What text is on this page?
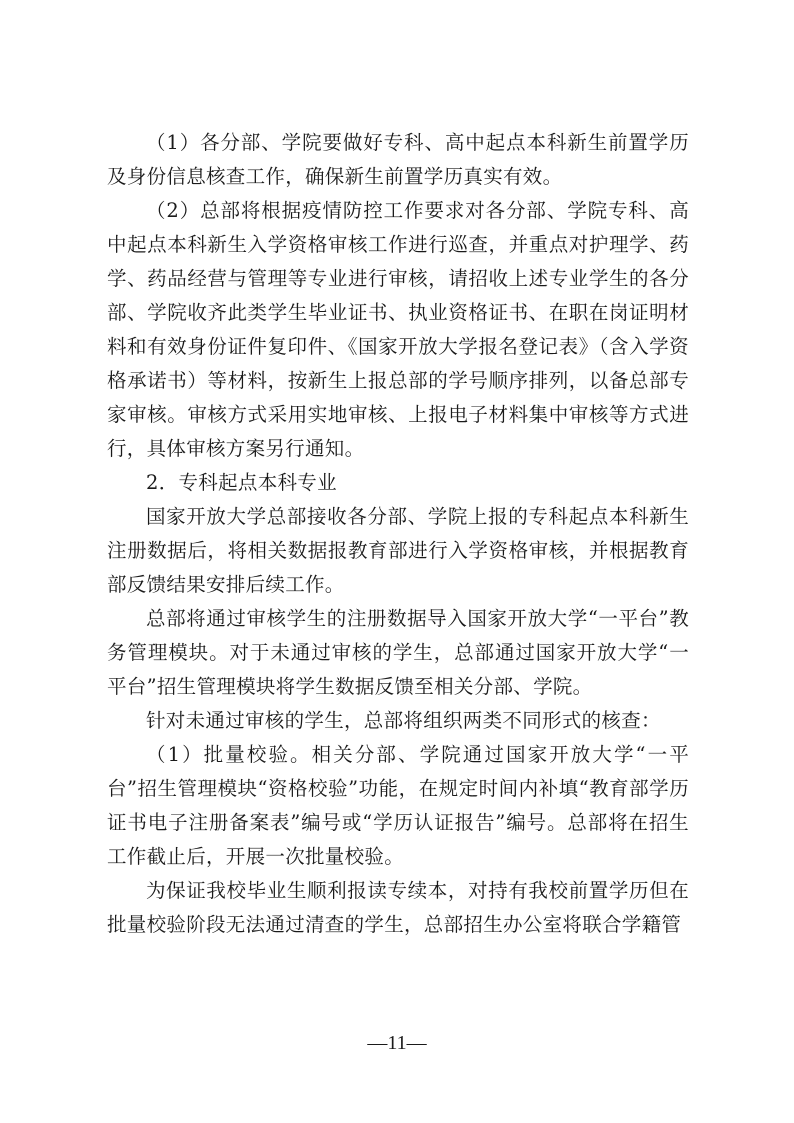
（1）各分部、学院要做好专科、高中起点本科新生前置学历及身份信息核查工作，确保新生前置学历真实有效。

（2）总部将根据疫情防控工作要求对各分部、学院专科、高中起点本科新生入学资格审核工作进行巡查，并重点对护理学、药学、药品经营与管理等专业进行审核，请招收上述专业学生的各分部、学院收齐此类学生毕业证书、执业资格证书、在职在岗证明材料和有效身份证件复印件、《国家开放大学报名登记表》（含入学资格承诺书）等材料，按新生上报总部的学号顺序排列，以备总部专家审核。审核方式采用实地审核、上报电子材料集中审核等方式进行，具体审核方案另行通知。

2．专科起点本科专业

国家开放大学总部接收各分部、学院上报的专科起点本科新生注册数据后，将相关数据报教育部进行入学资格审核，并根据教育部反馈结果安排后续工作。

总部将通过审核学生的注册数据导入国家开放大学“一平台”教务管理模块。对于未通过审核的学生，总部通过国家开放大学“一平台”招生管理模块将学生数据反馈至相关分部、学院。

针对未通过审核的学生，总部将组织两类不同形式的核查：

（1）批量校验。相关分部、学院通过国家开放大学“一平台”招生管理模块“资格校验”功能，在规定时间内补填“教育部学历证书电子注册备案表”编号或“学历认证报告”编号。总部将在招生工作截止后，开展一次批量校验。

为保证我校毕业生顺利报读专续本，对持有我校前置学历但在批量校验阶段无法通过清查的学生，总部招生办公室将联合学籍管

—11—
